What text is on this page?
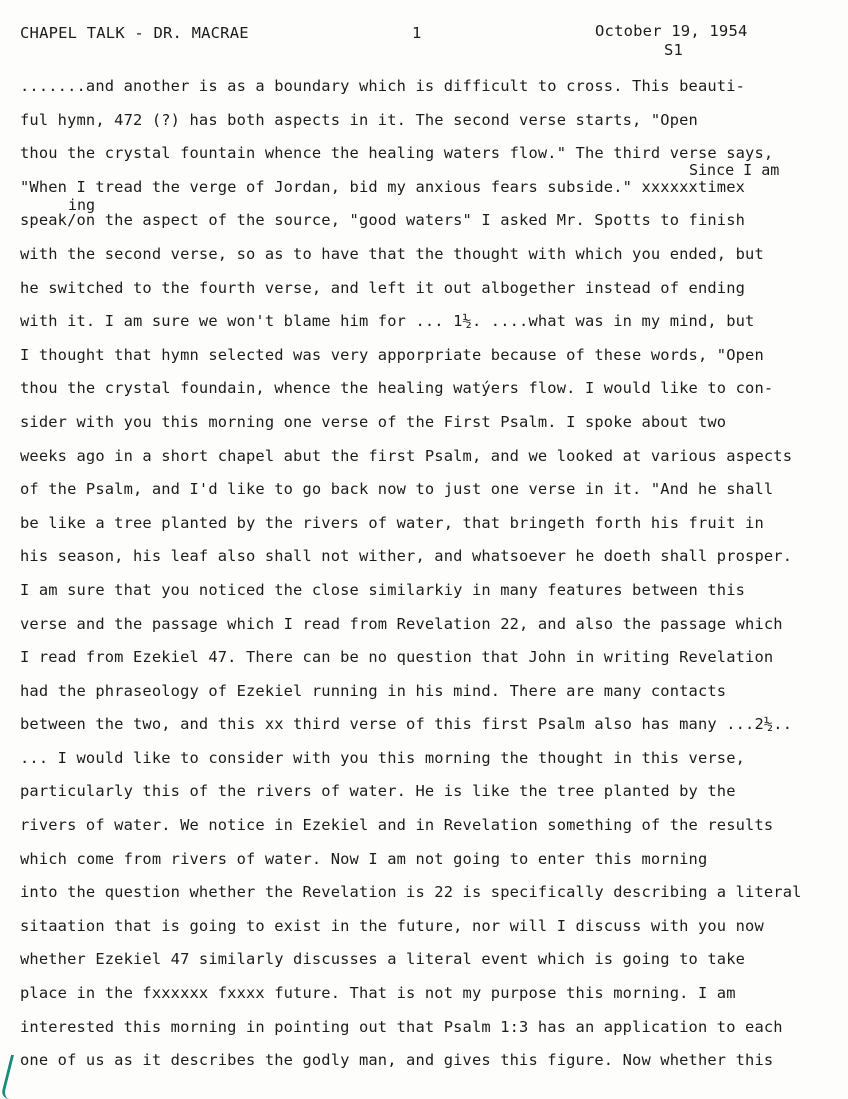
CHAPEL TALK - DR. MACRAE	1	October 19, 1954
S1
Since I am
ing
.......and another is as a boundary which is difficult to cross. This beauti-
ful hymn, 472 (?) has both aspects in it. The second verse starts, "Open
thou the crystal fountain whence the healing waters flow." The third verse says,
"When I tread the verge of Jordan, bid my anxious fears subside." xxxxxxtimex
speak/on the aspect of the source, "good waters" I asked Mr. Spotts to finish
with the second verse, so as to have that the thought with which you ended, but
he switched to the fourth verse, and left it out albogether instead of ending
with it. I am sure we won't blame him for ... 1½. ....what was in my mind, but
I thought that hymn selected was very apporpriate because of these words, "Open
thou the crystal foundain, whence the healing watýers flow. I would like to con-
sider with you this morning one verse of the First Psalm. I spoke about two
weeks ago in a short chapel abut the first Psalm, and we looked at various aspects
of the Psalm, and I'd like to go back now to just one verse in it. "And he shall
be like a tree planted by the rivers of water, that bringeth forth his fruit in
his season, his leaf also shall not wither, and whatsoever he doeth shall prosper.
I am sure that you noticed the close similarkiy in many features between this
verse and the passage which I read from Revelation 22, and also the passage which
I read from Ezekiel 47. There can be no question that John in writing Revelation
had the phraseology of Ezekiel running in his mind. There are many contacts
between the two, and this xx third verse of this first Psalm also has many ...2½..
... I would like to consider with you this morning the thought in this verse,
particularly this of the rivers of water. He is like the tree planted by the
rivers of water. We notice in Ezekiel and in Revelation something of the results
which come from rivers of water. Now I am not going to enter this morning
into the question whether the Revelation is 22 is specifically describing a literal
sitaation that is going to exist in the future, nor will I discuss with you now
whether Ezekiel 47 similarly discusses a literal event which is going to take
place in the fxxxxxx fxxxx future. That is not my purpose this morning. I am
interested this morning in pointing out that Psalm 1:3 has an application to each
one of us as it describes the godly man, and gives this figure. Now whether this
